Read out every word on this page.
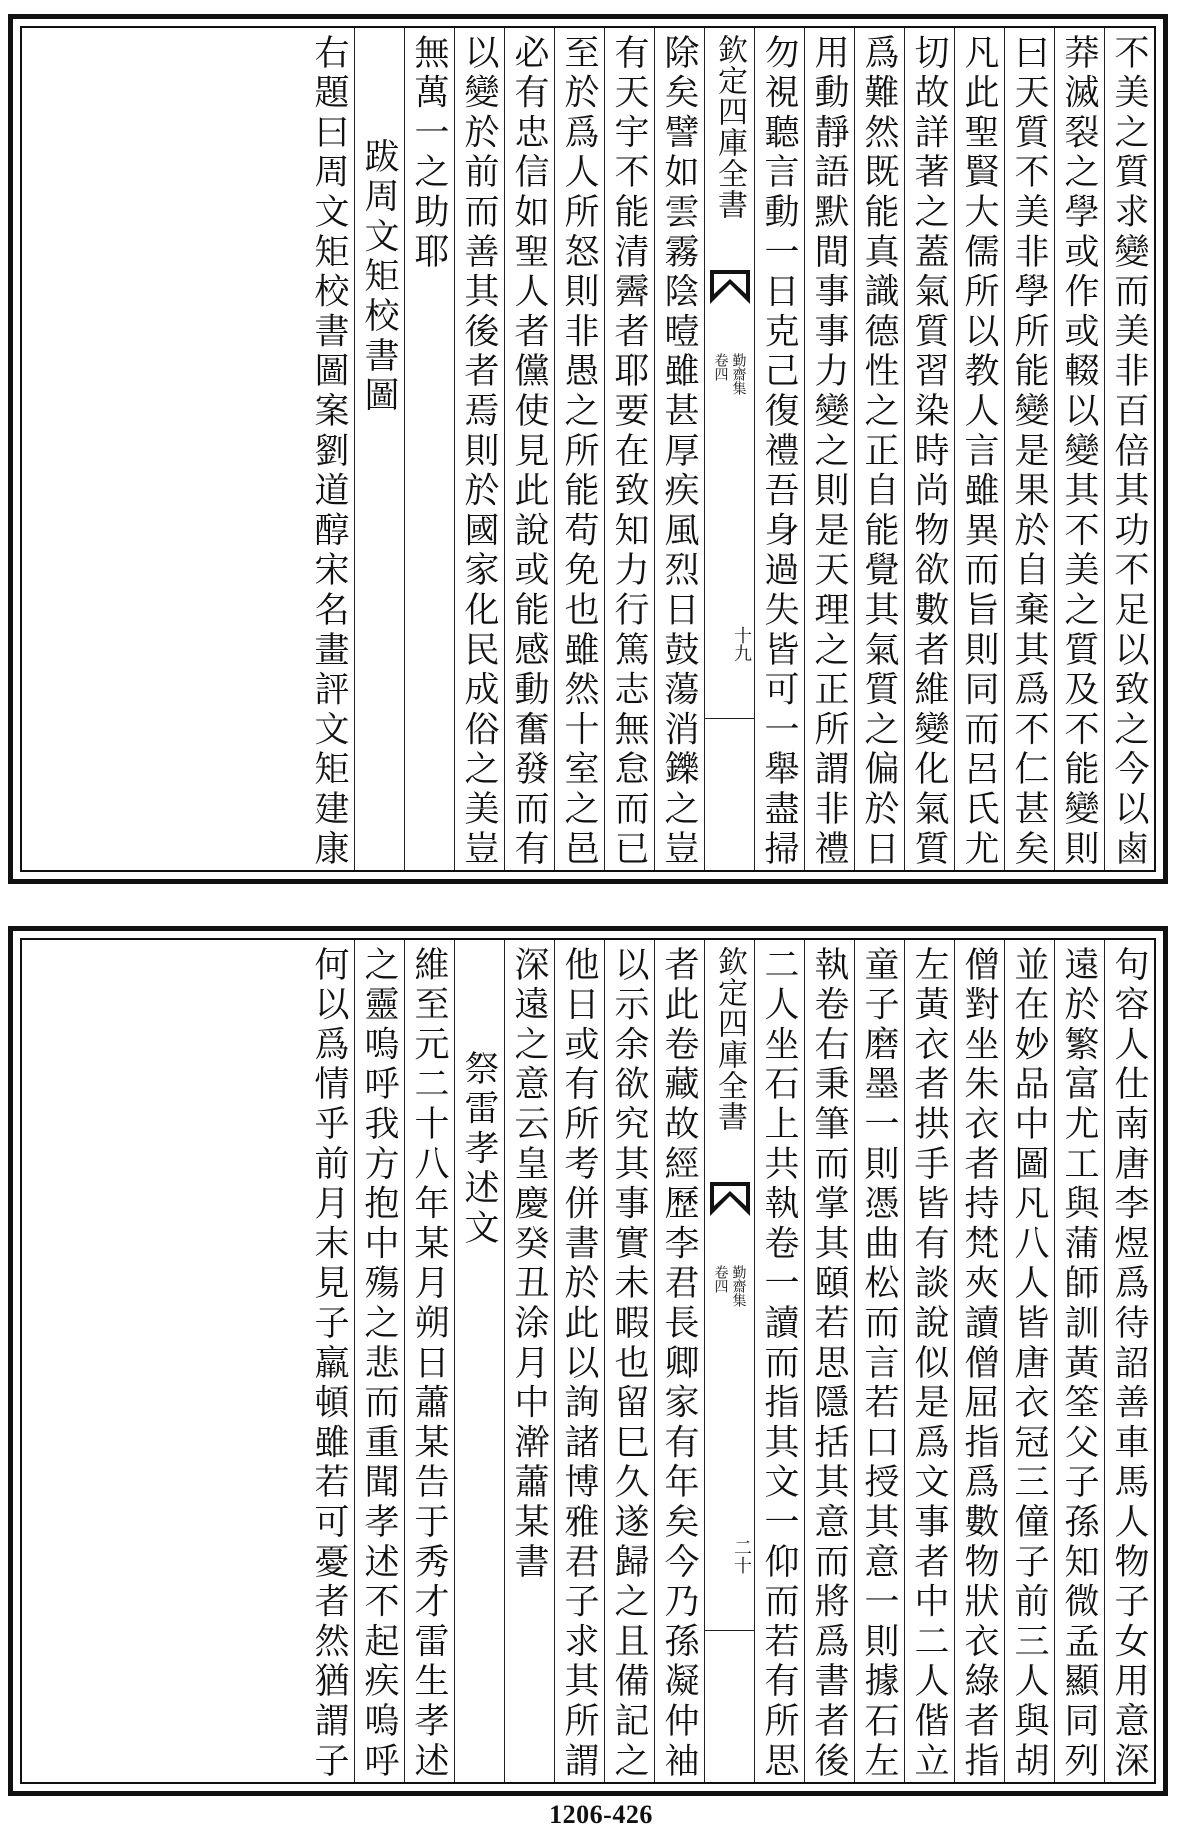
不美之質求變而美非百倍其功不足以致之今以鹵
莽滅裂之學或作或輟以變其不美之質及不能變則
曰天質不美非學所能變是果於自棄其爲不仁甚矣
凡此聖賢大儒所以教人言雖異而旨則同而呂氏尤
切故詳著之蓋氣質習染時尚物欲數者維變化氣質
爲難然既能真識德性之正自能覺其氣質之偏於日
用動靜語默間事事力變之則是天理之正所謂非禮
勿視聽言動一日克己復禮吾身過失皆可一舉盡掃
欽定四庫全書
勤齋集
卷四
十九
除矣譬如雲霧陰曀雖甚厚疾風烈日鼓蕩消鑠之豈
有天宇不能清霽者耶要在致知力行篤志無怠而已
至於爲人所怒則非愚之所能苟免也雖然十室之邑
必有忠信如聖人者儻使見此說或能感動奮發而有
以變於前而善其後者焉則於國家化民成俗之美豈
無萬一之助耶
跋周文矩校書圖
右題曰周文矩校書圖案劉道醇宋名畫評文矩建康
句容人仕南唐李煜爲待詔善車馬人物子女用意深
遠於繁富尤工與蒲師訓黃筌父子孫知微孟顯同列
並在妙品中圖凡八人皆唐衣冠三僮子前三人與胡
僧對坐朱衣者持梵夾讀僧屈指爲數物狀衣綠者指
左黃衣者拱手皆有談說似是爲文事者中二人偕立
童子磨墨一則憑曲松而言若口授其意一則據石左
執卷右秉筆而掌其頤若思隱括其意而將爲書者後
二人坐石上共執卷一讀而指其文一仰而若有所思
欽定四庫全書
勤齋集
卷四
二十
者此卷藏故經歷李君長卿家有年矣今乃孫凝仲袖
以示余欲究其事實未暇也留巳久遂歸之且備記之
他日或有所考併書於此以詢諸博雅君子求其所謂
深遠之意云皇慶癸丑涂月中澣蕭某書
祭雷孝述文
維至元二十八年某月朔日蕭某告于秀才雷生孝述
之靈嗚呼我方抱中殤之悲而重聞孝述不起疾嗚呼
何以爲情乎前月末見子羸頓雖若可憂者然猶謂子
1206-426
